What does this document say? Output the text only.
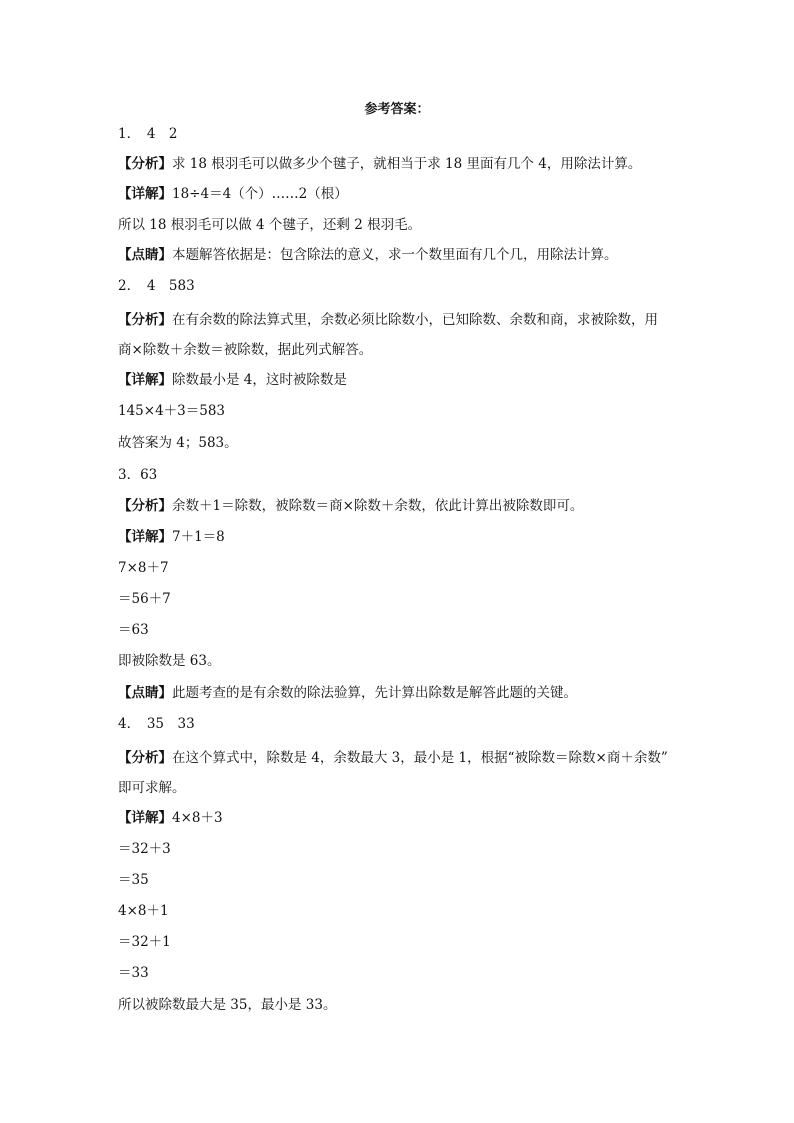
参考答案：
1．　4　2
【分析】求 18 根羽毛可以做多少个毽子，就相当于求 18 里面有几个 4，用除法计算。
【详解】18÷4＝4（个）……2（根）
所以 18 根羽毛可以做 4 个毽子，还剩 2 根羽毛。
【点睛】本题解答依据是：包含除法的意义，求一个数里面有几个几，用除法计算。
2．　4　583
【分析】在有余数的除法算式里，余数必须比除数小，已知除数、余数和商，求被除数，用
商×除数＋余数＝被除数，据此列式解答。
【详解】除数最小是 4，这时被除数是
145×4＋3＝583
故答案为 4；583。
3．63
【分析】余数＋1＝除数，被除数＝商×除数＋余数，依此计算出被除数即可。
【详解】7＋1＝8
7×8＋7
＝56＋7
＝63
即被除数是 63。
【点睛】此题考查的是有余数的除法验算，先计算出除数是解答此题的关键。
4．　35　33
【分析】在这个算式中，除数是 4，余数最大 3，最小是 1，根据“被除数＝除数×商＋余数”
即可求解。
【详解】4×8＋3
＝32＋3
＝35
4×8＋1
＝32＋1
＝33
所以被除数最大是 35，最小是 33。
